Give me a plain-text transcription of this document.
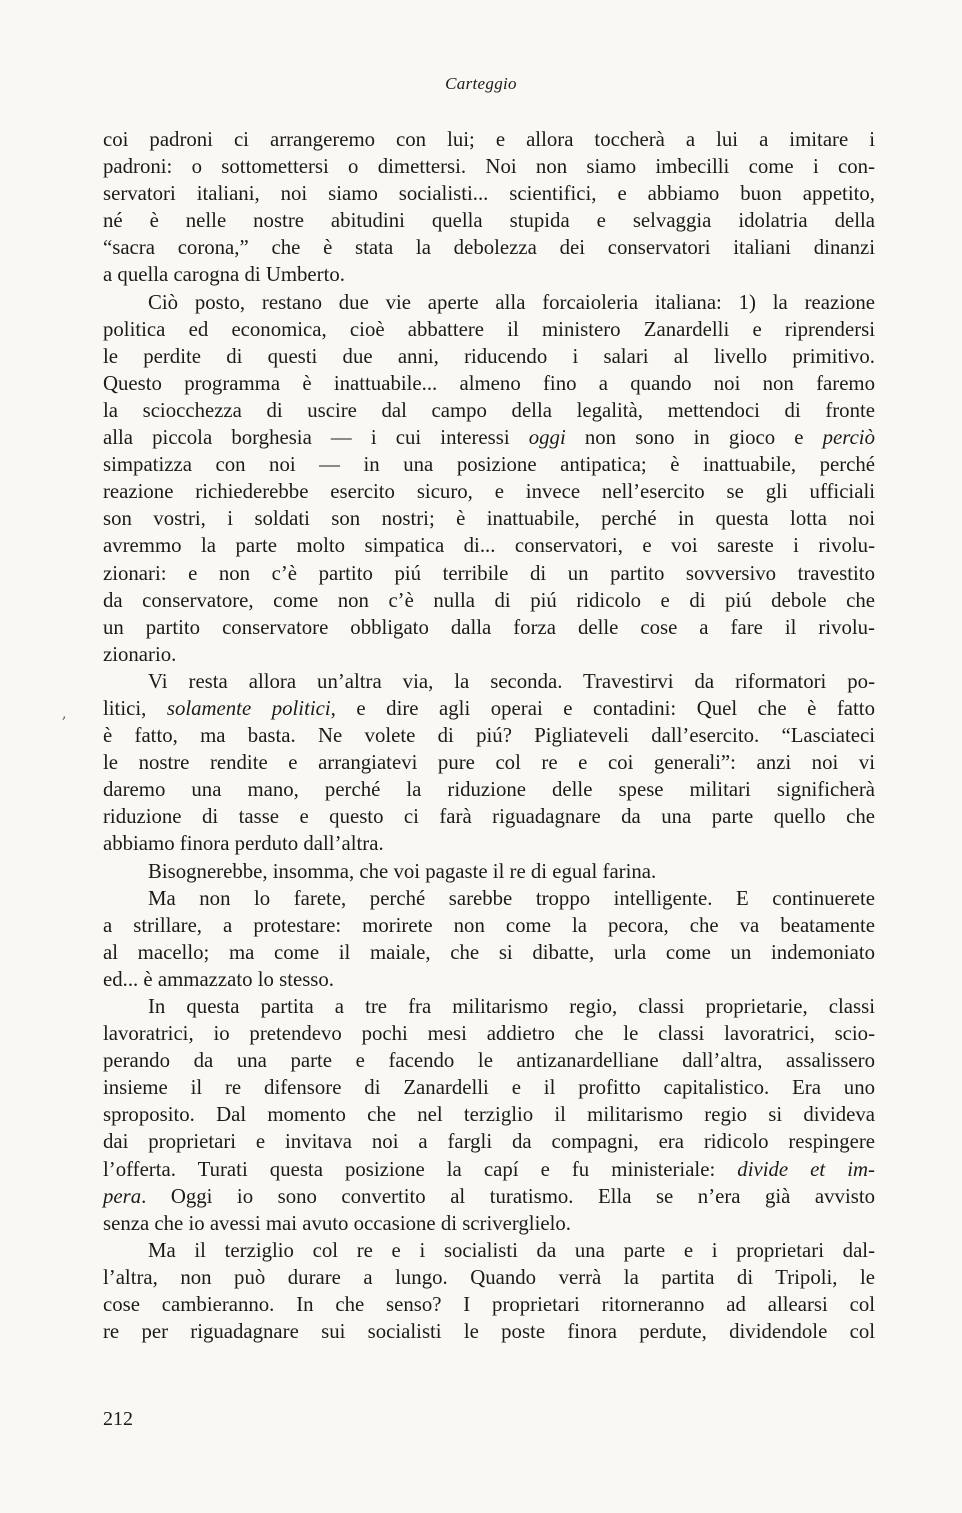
Carteggio
,
coi padroni ci arrangeremo con lui; e allora toccherà a lui a imitare i
padroni: o sottomettersi o dimettersi. Noi non siamo imbecilli come i con-
servatori italiani, noi siamo socialisti... scientifici, e abbiamo buon appetito,
né è nelle nostre abitudini quella stupida e selvaggia idolatria della
“sacra corona,” che è stata la debolezza dei conservatori italiani dinanzi
a quella carogna di Umberto.
Ciò posto, restano due vie aperte alla forcaioleria italiana: 1) la reazione
politica ed economica, cioè abbattere il ministero Zanardelli e riprendersi
le perdite di questi due anni, riducendo i salari al livello primitivo.
Questo programma è inattuabile... almeno fino a quando noi non faremo
la sciocchezza di uscire dal campo della legalità, mettendoci di fronte
alla piccola borghesia — i cui interessi oggi non sono in gioco e perciò
simpatizza con noi — in una posizione antipatica; è inattuabile, perché
reazione richiederebbe esercito sicuro, e invece nell’esercito se gli ufficiali
son vostri, i soldati son nostri; è inattuabile, perché in questa lotta noi
avremmo la parte molto simpatica di... conservatori, e voi sareste i rivolu-
zionari: e non c’è partito piú terribile di un partito sovversivo travestito
da conservatore, come non c’è nulla di piú ridicolo e di piú debole che
un partito conservatore obbligato dalla forza delle cose a fare il rivolu-
zionario.
Vi resta allora un’altra via, la seconda. Travestirvi da riformatori po-
litici, solamente politici, e dire agli operai e contadini: Quel che è fatto
è fatto, ma basta. Ne volete di piú? Pigliateveli dall’esercito. “Lasciateci
le nostre rendite e arrangiatevi pure col re e coi generali”: anzi noi vi
daremo una mano, perché la riduzione delle spese militari significherà
riduzione di tasse e questo ci farà riguadagnare da una parte quello che
abbiamo finora perduto dall’altra.
Bisognerebbe, insomma, che voi pagaste il re di egual farina.
Ma non lo farete, perché sarebbe troppo intelligente. E continuerete
a strillare, a protestare: morirete non come la pecora, che va beatamente
al macello; ma come il maiale, che si dibatte, urla come un indemoniato
ed... è ammazzato lo stesso.
In questa partita a tre fra militarismo regio, classi proprietarie, classi
lavoratrici, io pretendevo pochi mesi addietro che le classi lavoratrici, scio-
perando da una parte e facendo le antizanardelliane dall’altra, assalissero
insieme il re difensore di Zanardelli e il profitto capitalistico. Era uno
sproposito. Dal momento che nel terziglio il militarismo regio si divideva
dai proprietari e invitava noi a fargli da compagni, era ridicolo respingere
l’offerta. Turati questa posizione la capí e fu ministeriale: divide et im-
pera. Oggi io sono convertito al turatismo. Ella se n’era già avvisto
senza che io avessi mai avuto occasione di scriverglielo.
Ma il terziglio col re e i socialisti da una parte e i proprietari dal-
l’altra, non può durare a lungo. Quando verrà la partita di Tripoli, le
cose cambieranno. In che senso? I proprietari ritorneranno ad allearsi col
re per riguadagnare sui socialisti le poste finora perdute, dividendole col
212
